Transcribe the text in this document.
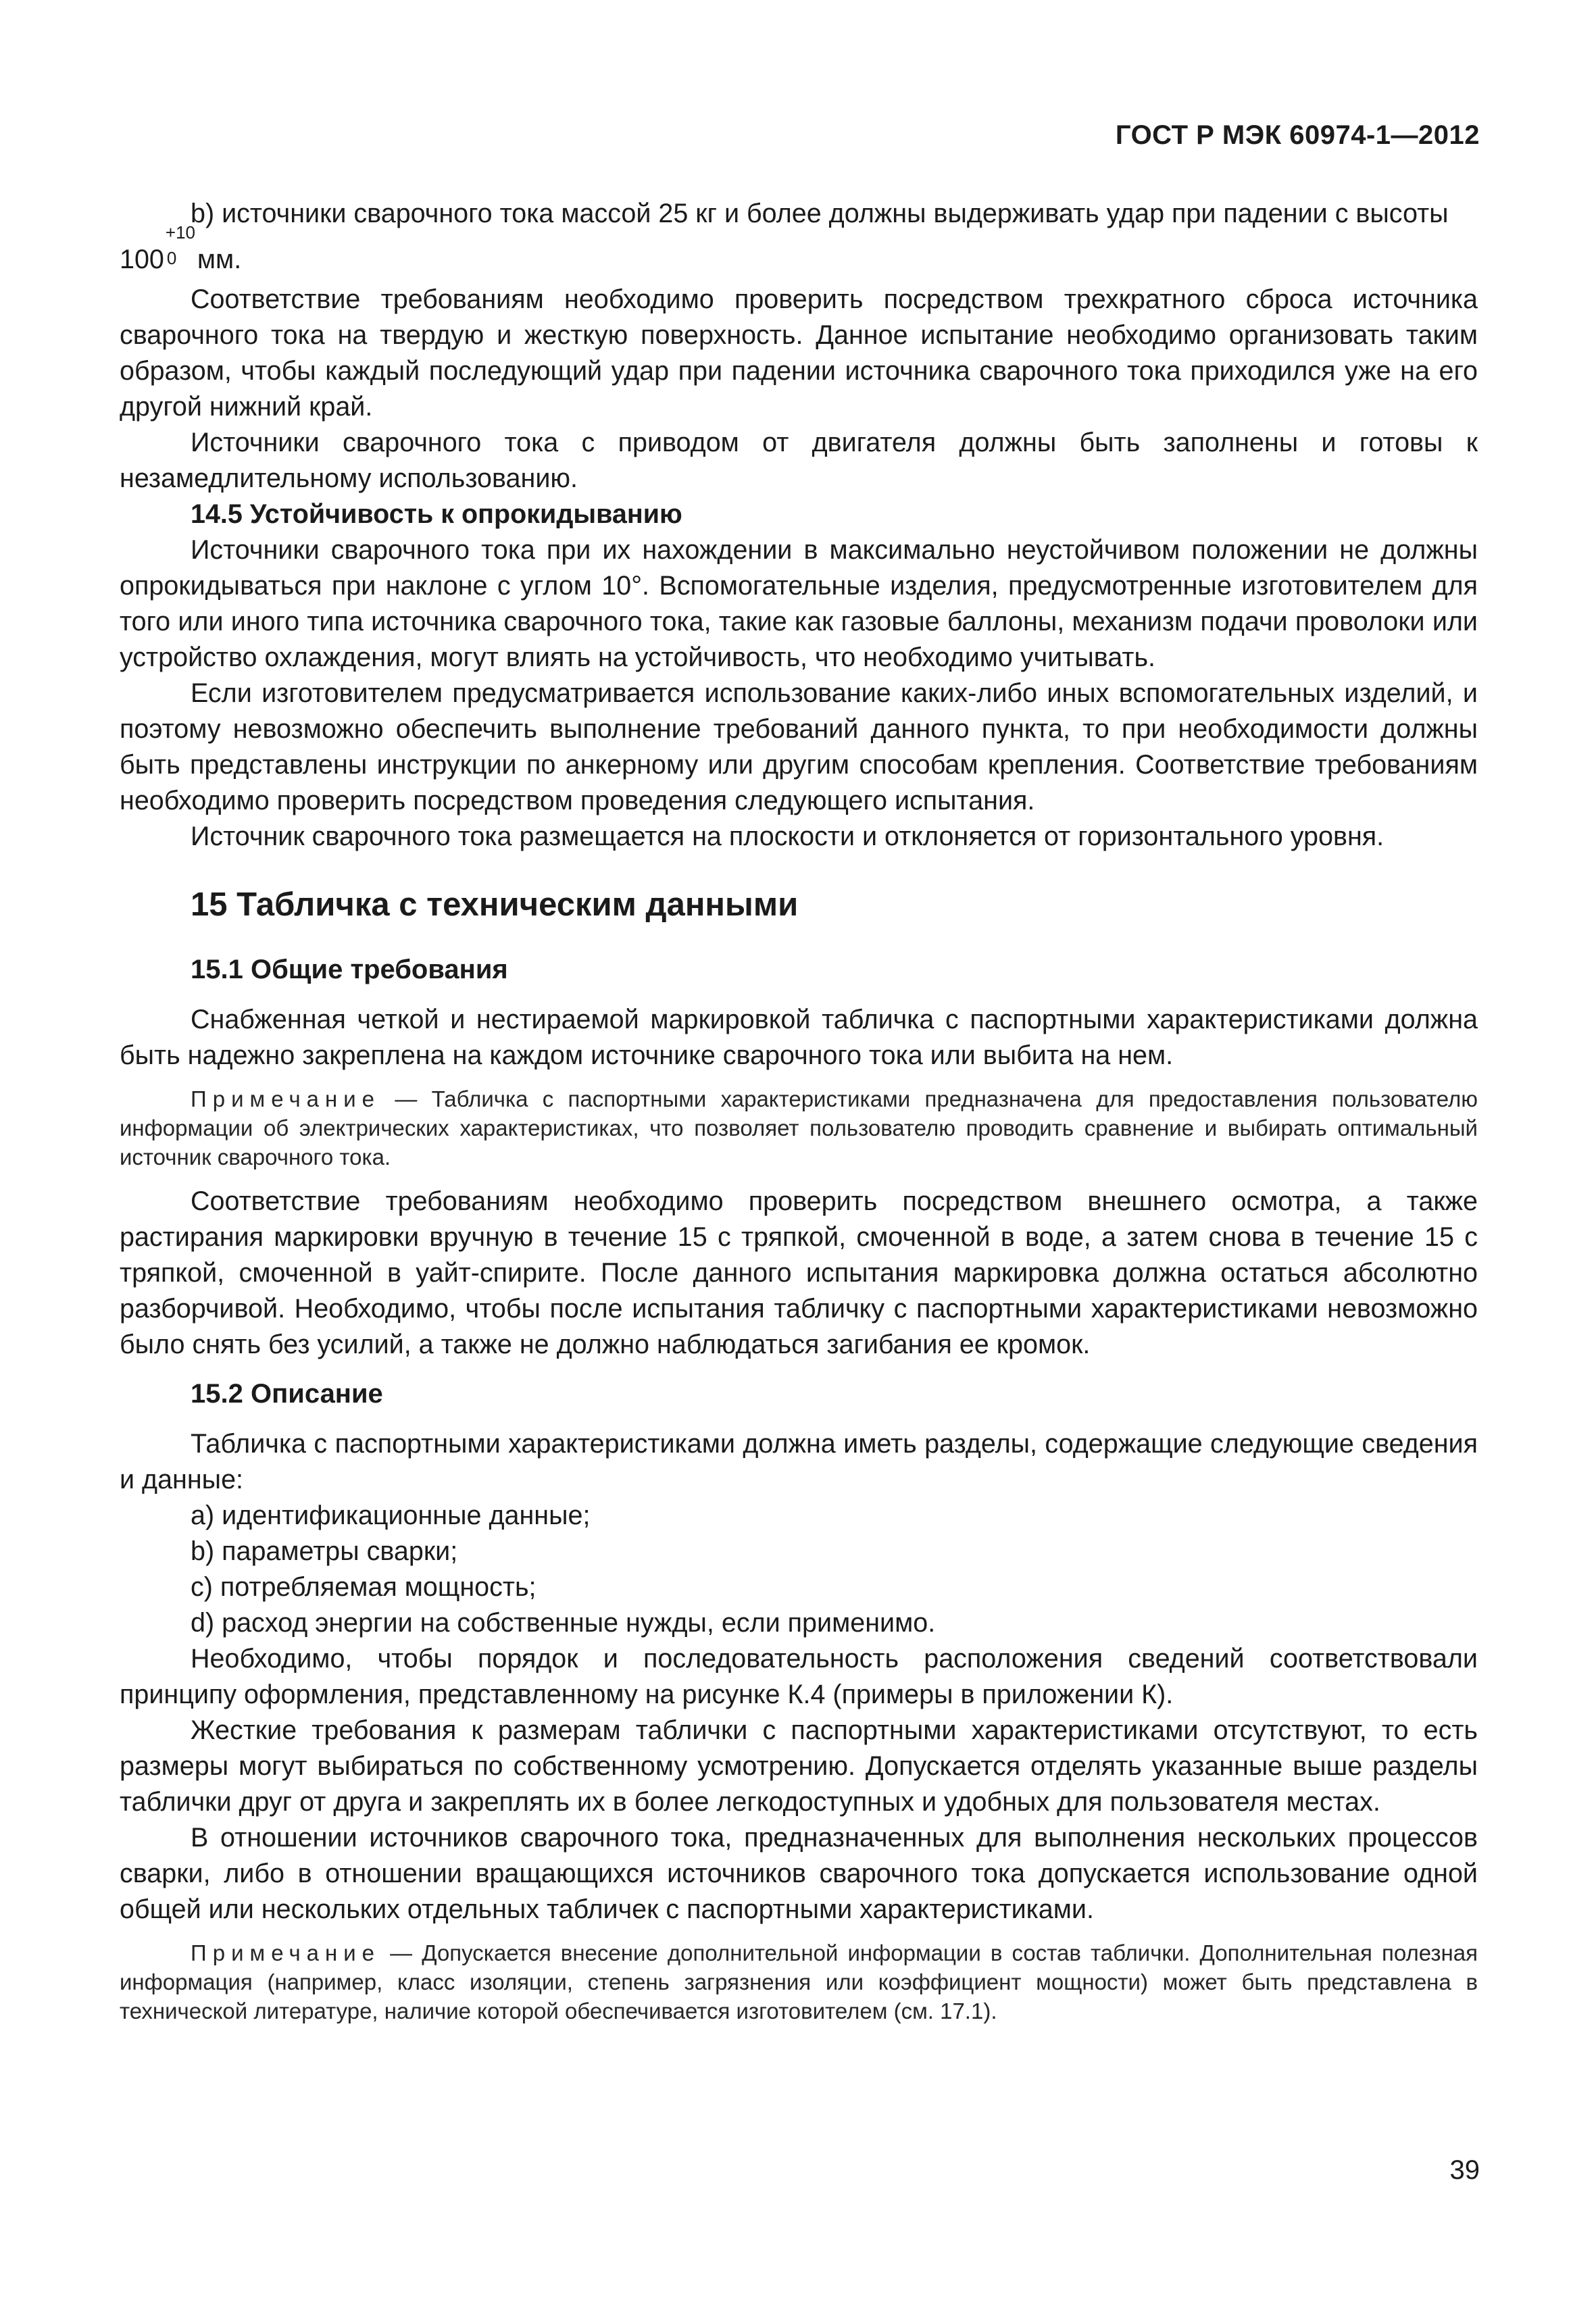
ГОСТ Р МЭК 60974-1—2012

b) источники сварочного тока массой 25 кг и более должны выдерживать удар при падении с высоты

100
+10
0 мм.

Соответствие требованиям необходимо проверить посредством трехкратного сброса источника сварочного тока на твердую и жесткую поверхность. Данное испытание необходимо организовать таким образом, чтобы каждый последующий удар при падении источника сварочного тока приходился уже на его другой нижний край.

Источники сварочного тока с приводом от двигателя должны быть заполнены и готовы к незамедлительному использованию.

14.5 Устойчивость к опрокидыванию

Источники сварочного тока при их нахождении в максимально неустойчивом положении не должны опрокидываться при наклоне с углом 10°. Вспомогательные изделия, предусмотренные изготовителем для того или иного типа источника сварочного тока, такие как газовые баллоны, механизм подачи проволоки или устройство охлаждения, могут влиять на устойчивость, что необходимо учитывать.

Если изготовителем предусматривается использование каких-либо иных вспомогательных изделий, и поэтому невозможно обеспечить выполнение требований данного пункта, то при необходимости должны быть представлены инструкции по анкерному или другим способам крепления. Соответствие требованиям необходимо проверить посредством проведения следующего испытания.

Источник сварочного тока размещается на плоскости и отклоняется от горизонтального уровня.

15 Табличка с техническим данными
15.1 Общие требования

Снабженная четкой и нестираемой маркировкой табличка с паспортными характеристиками должна быть надежно закреплена на каждом источнике сварочного тока или выбита на нем.

Примечание — Табличка с паспортными характеристиками предназначена для предоставления пользователю информации об электрических характеристиках, что позволяет пользователю проводить сравнение и выбирать оптимальный источник сварочного тока.

Соответствие требованиям необходимо проверить посредством внешнего осмотра, а также растирания маркировки вручную в течение 15 с тряпкой, смоченной в воде, а затем снова в течение 15 с тряпкой, смоченной в уайт-спирите. После данного испытания маркировка должна остаться абсолютно разборчивой. Необходимо, чтобы после испытания табличку с паспортными характеристиками невозможно было снять без усилий, а также не должно наблюдаться загибания ее кромок.

15.2 Описание

Табличка с паспортными характеристиками должна иметь разделы, содержащие следующие сведения и данные:

a) идентификационные данные;

b) параметры сварки;

c) потребляемая мощность;

d) расход энергии на собственные нужды, если применимо.

Необходимо, чтобы порядок и последовательность расположения сведений соответствовали принципу оформления, представленному на рисунке К.4 (примеры в приложении К).

Жесткие требования к размерам таблички с паспортными характеристиками отсутствуют, то есть размеры могут выбираться по собственному усмотрению. Допускается отделять указанные выше разделы таблички друг от друга и закреплять их в более легкодоступных и удобных для пользователя местах.

В отношении источников сварочного тока, предназначенных для выполнения нескольких процессов сварки, либо в отношении вращающихся источников сварочного тока допускается использование одной общей или нескольких отдельных табличек с паспортными характеристиками.

Примечание — Допускается внесение дополнительной информации в состав таблички. Дополнительная полезная информация (например, класс изоляции, степень загрязнения или коэффициент мощности) может быть представлена в технической литературе, наличие которой обеспечивается изготовителем (см. 17.1).
39
